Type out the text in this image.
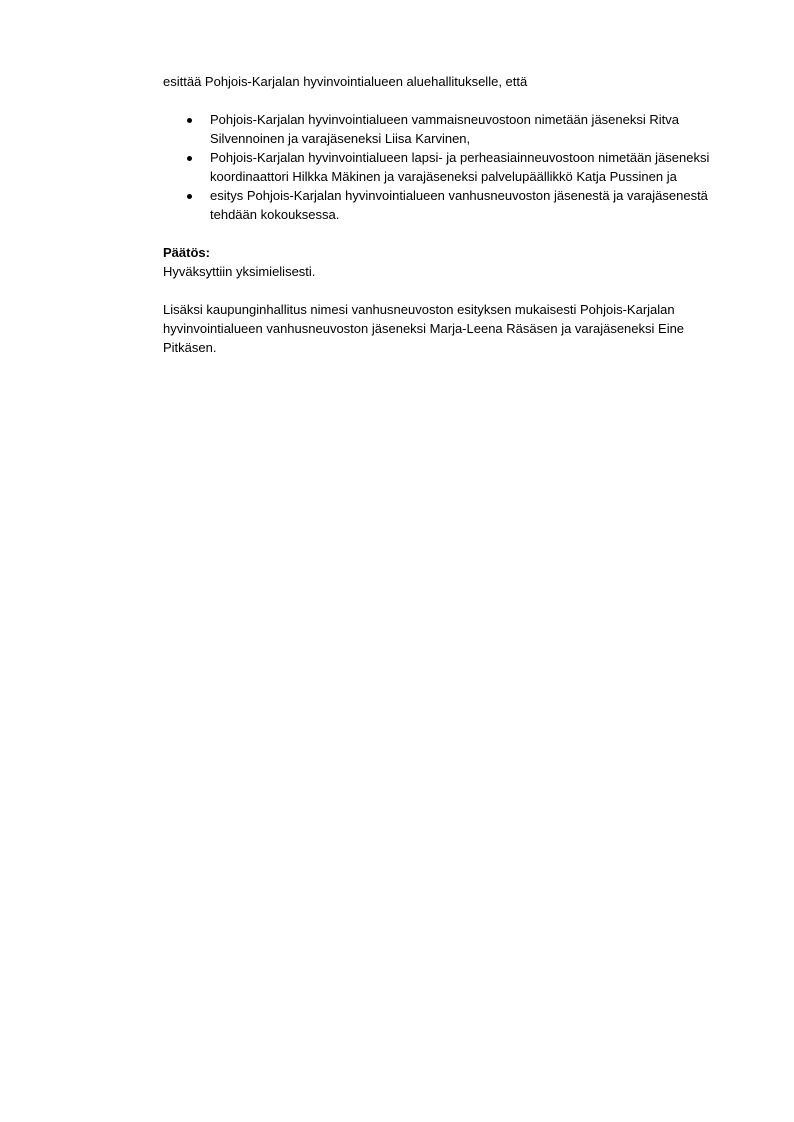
esittää Pohjois-Karjalan hyvinvointialueen aluehallitukselle, että

Pohjois-Karjalan hyvinvointialueen vammaisneuvostoon nimetään jäseneksi Ritva Silvennoinen ja varajäseneksi Liisa Karvinen,
Pohjois-Karjalan hyvinvointialueen lapsi- ja perheasiainneuvostoon nimetään jäseneksi koordinaattori Hilkka Mäkinen ja varajäseneksi palvelupäällikkö Katja Pussinen ja
esitys Pohjois-Karjalan hyvinvointialueen vanhusneuvoston jäsenestä ja varajäsenestä tehdään kokouksessa.

Päätös:

Hyväksyttiin yksimielisesti.

Lisäksi kaupunginhallitus nimesi vanhusneuvoston esityksen mukaisesti Pohjois-Karjalan hyvinvointialueen vanhusneuvoston jäseneksi Marja-Leena Räsäsen ja varajäseneksi Eine Pitkäsen.
